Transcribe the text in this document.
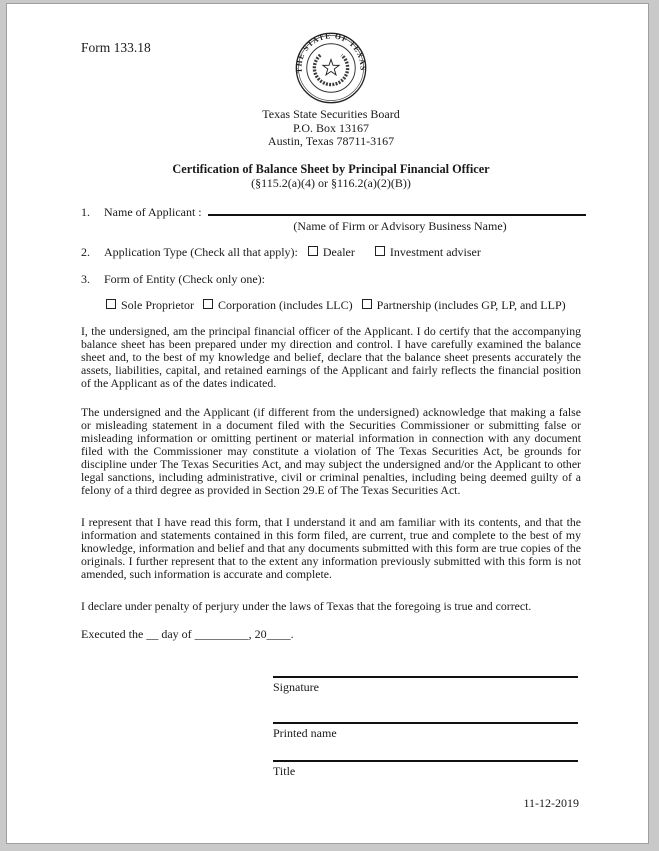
Form 133.18
THE STATE OF TEXAS
Texas State Securities Board
P.O. Box 13167
Austin, Texas 78711-3167
Certification of Balance Sheet by Principal Financial Officer
(§115.2(a)(4) or §116.2(a)(2)(B))
1. Name of Applicant :
(Name of Firm or Advisory Business Name)
2. Application Type (Check all that apply): Dealer	Investment adviser
3. Form of Entity (Check only one):
Sole Proprietor Corporation (includes LLC) Partnership (includes GP, LP, and LLP)
I, the undersigned, am the principal financial officer of the Applicant. I do certify that the accompanying balance sheet has been prepared under my direction and control. I have carefully examined the balance sheet and, to the best of my knowledge and belief, declare that the balance sheet presents accurately the assets, liabilities, capital, and retained earnings of the Applicant and fairly reflects the financial position of the Applicant as of the dates indicated.
The undersigned and the Applicant (if different from the undersigned) acknowledge that making a false or misleading statement in a document filed with the Securities Commissioner or submitting false or misleading information or omitting pertinent or material information in connection with any document filed with the Commissioner may constitute a violation of The Texas Securities Act, be grounds for discipline under The Texas Securities Act, and may subject the undersigned and/or the Applicant to other legal sanctions, including administrative, civil or criminal penalties, including being deemed guilty of a felony of a third degree as provided in Section 29.E of The Texas Securities Act.
I represent that I have read this form, that I understand it and am familiar with its contents, and that the information and statements contained in this form filed, are current, true and complete to the best of my knowledge, information and belief and that any documents submitted with this form are true copies of the originals. I further represent that to the extent any information previously submitted with this form is not amended, such information is accurate and complete.
I declare under penalty of perjury under the laws of Texas that the foregoing is true and correct.
Executed the __ day of _________, 20____.
Signature
Printed name
Title
11-12-2019
